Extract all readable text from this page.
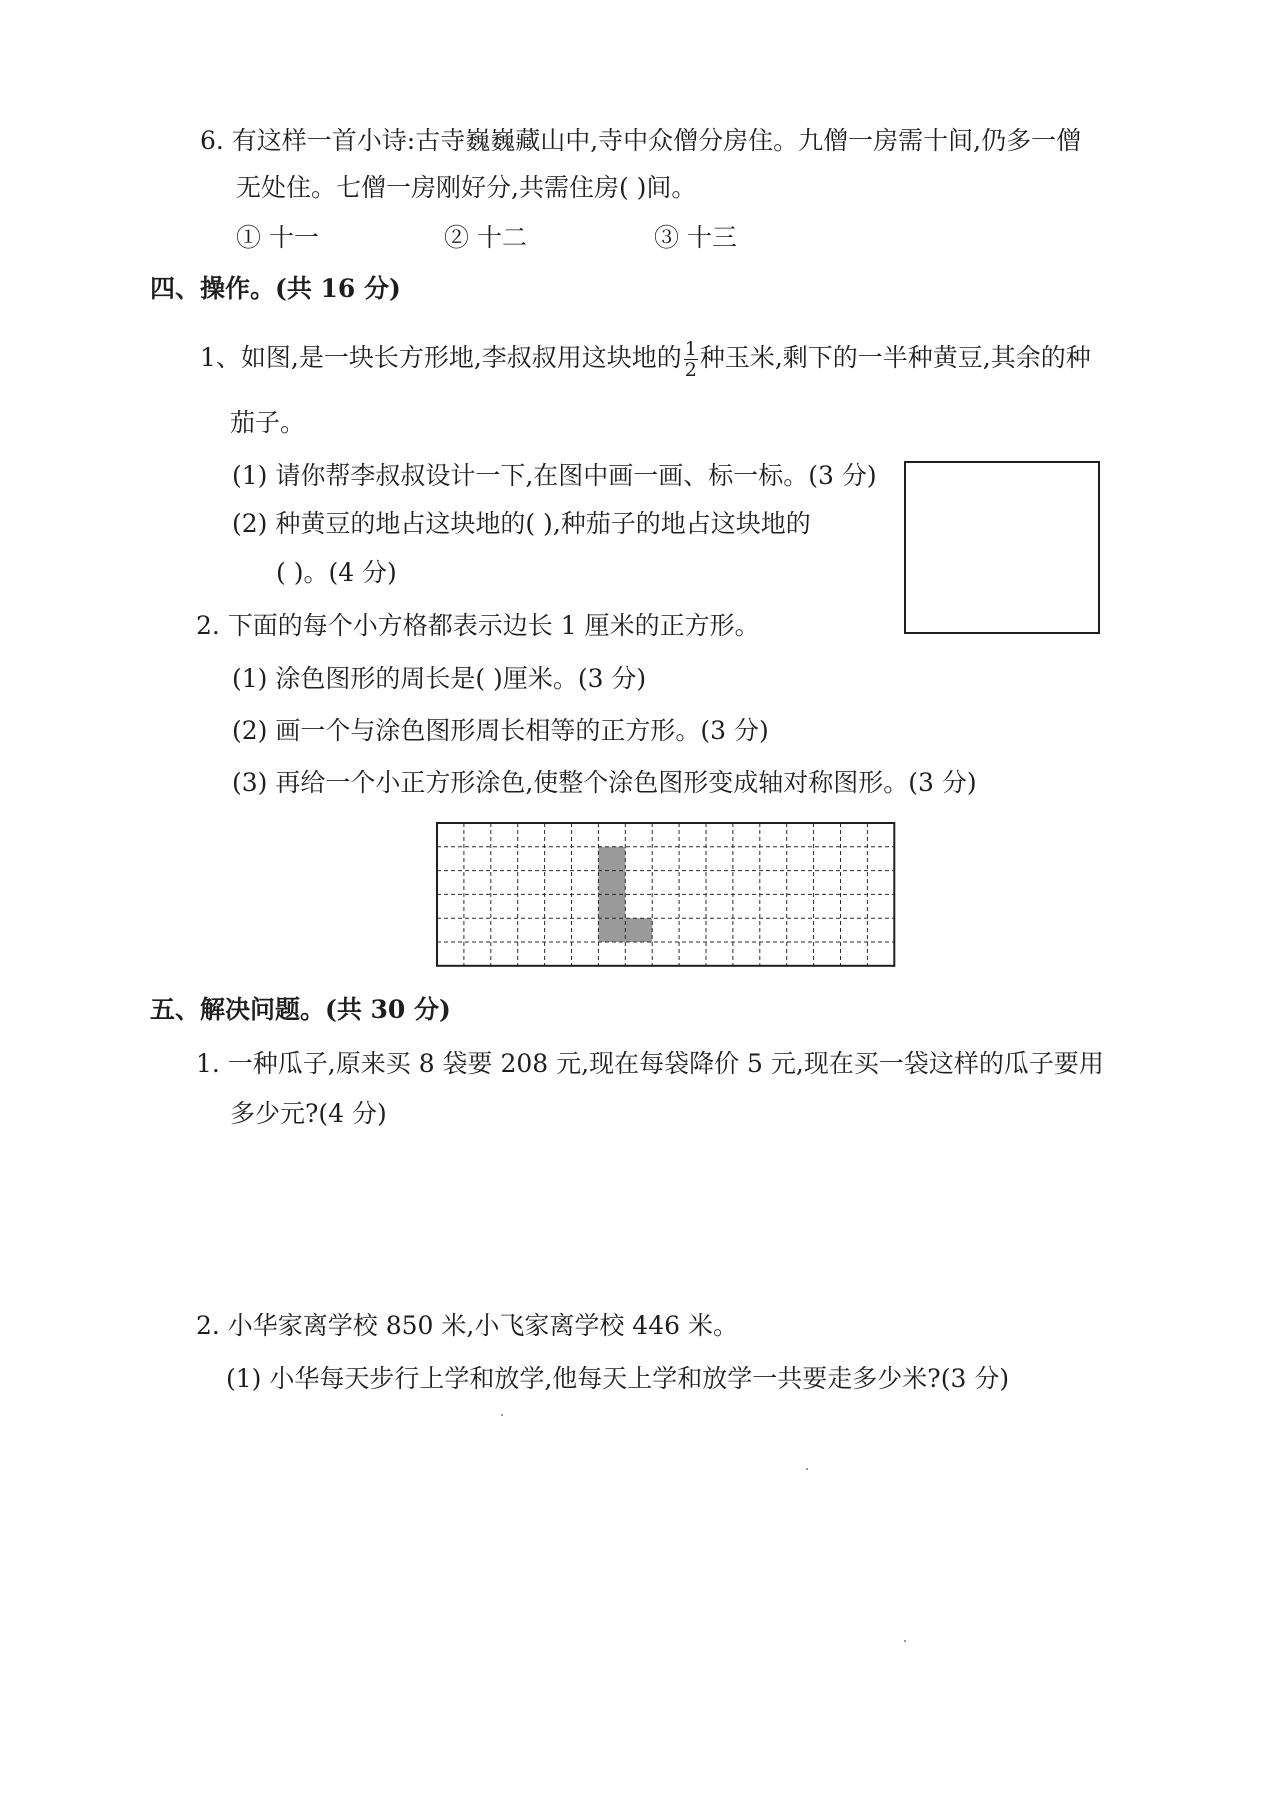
6. 有这样一首小诗:古寺巍巍藏山中,寺中众僧分房住。九僧一房需十间,仍多一僧
无处住。七僧一房刚好分,共需住房( )间。
① 十一	② 十二	③ 十三
四、操作。(共 16 分)
1、如图,是一块长方形地,李叔叔用这块地的 $\frac{1}{2}$ 种玉米,剩下的一半种黄豆,其余的种
茄子。
(1) 请你帮李叔叔设计一下,在图中画一画、标一标。(3 分)
(2) 种黄豆的地占这块地的( ),种茄子的地占这块地的
( )。(4 分)
2. 下面的每个小方格都表示边长 1 厘米的正方形。
(1) 涂色图形的周长是( )厘米。(3 分)
(2) 画一个与涂色图形周长相等的正方形。(3 分)
(3) 再给一个小正方形涂色,使整个涂色图形变成轴对称图形。(3 分)
五、解决问题。(共 30 分)
1. 一种瓜子,原来买 8 袋要 208 元,现在每袋降价 5 元,现在买一袋这样的瓜子要用
多少元?(4 分)
2. 小华家离学校 850 米,小飞家离学校 446 米。
(1) 小华每天步行上学和放学,他每天上学和放学一共要走多少米?(3 分)
